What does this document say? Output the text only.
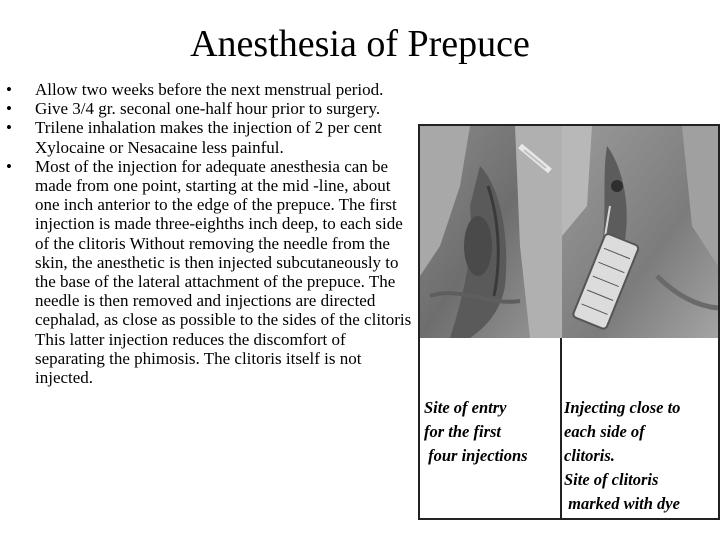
Anesthesia of Prepuce
• Allow two weeks before the next menstrual period.
• Give 3/4 gr. seconal one-half hour prior to surgery.
• Trilene inhalation makes the injection of 2 per cent Xylocaine or Nesacaine less painful.
• Most of the injection for adequate anesthesia can be made from one point, starting at the mid -line, about one inch anterior to the edge of the prepuce. The first injection is made three-eighths inch deep, to each side of the clitoris Without removing the needle from the skin, the anesthetic is then injected subcutaneously to the base of the lateral attachment of the prepuce. The needle is then removed and injections are directed cephalad, as close as possible to the sides of the clitoris This latter injection reduces the discomfort of separating the phimosis. The clitoris itself is not injected.
Site of entry
for the first
four injections
Injecting close to
each side of
clitoris.
Site of clitoris
marked with dye
